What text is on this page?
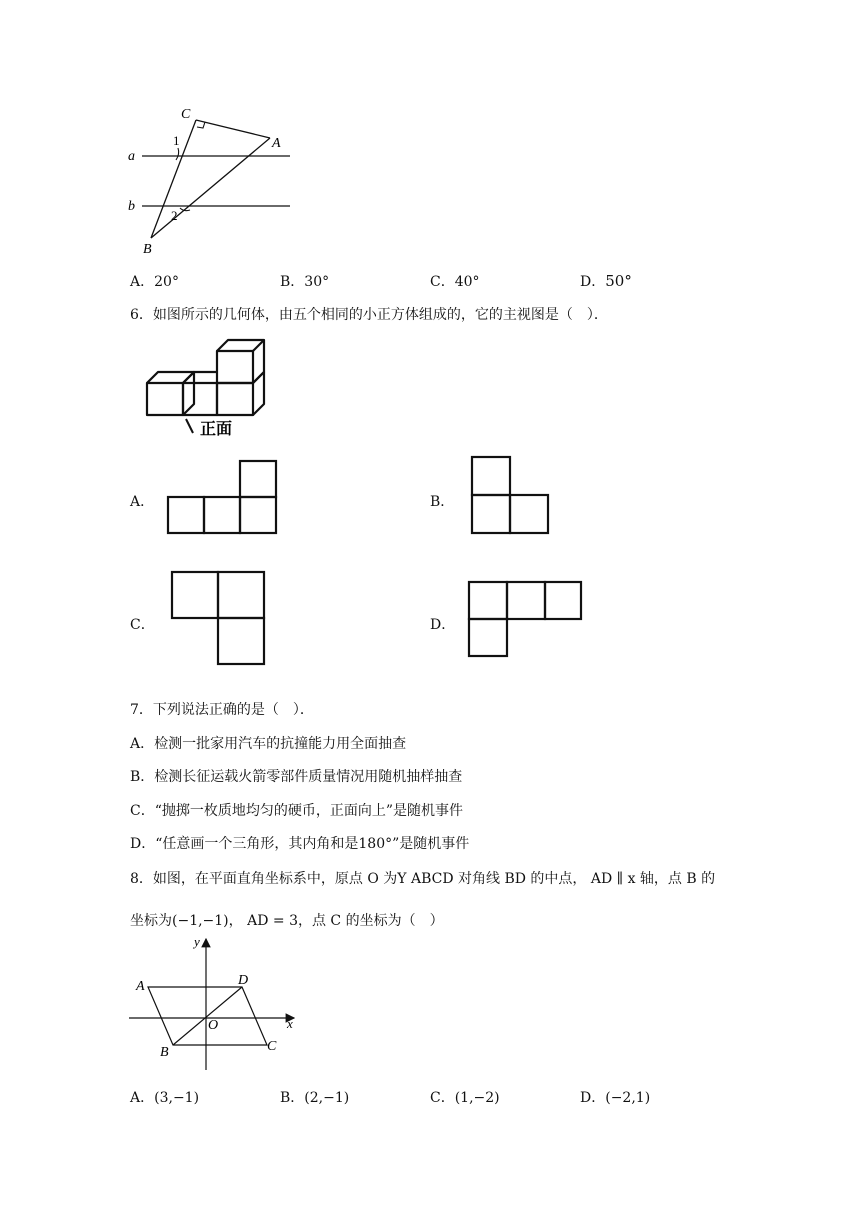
C
A
B
a
b
1
2
A．20°	B．30°	C．40°	D．50°
6．如图所示的几何体，由五个相同的小正方体组成的，它的主视图是（　）．
正面
A．	B．
C．	D．
7．下列说法正确的是（　）．
A．检测一批家用汽车的抗撞能力用全面抽查
B．检测长征运载火箭零部件质量情况用随机抽样抽查
C．“抛掷一枚质地均匀的硬币，正面向上”是随机事件
D．“任意画一个三角形，其内角和是180°”是随机事件
8．如图，在平面直角坐标系中，原点 O 为Y ABCD 对角线 BD 的中点， AD ∥ x 轴，点 B 的
坐标为(−1,−1)， AD = 3，点 C 的坐标为（　）
y
x
A	D
O
B	C
A．(3,−1)	B．(2,−1)	C．(1,−2)	D．(−2,1)
